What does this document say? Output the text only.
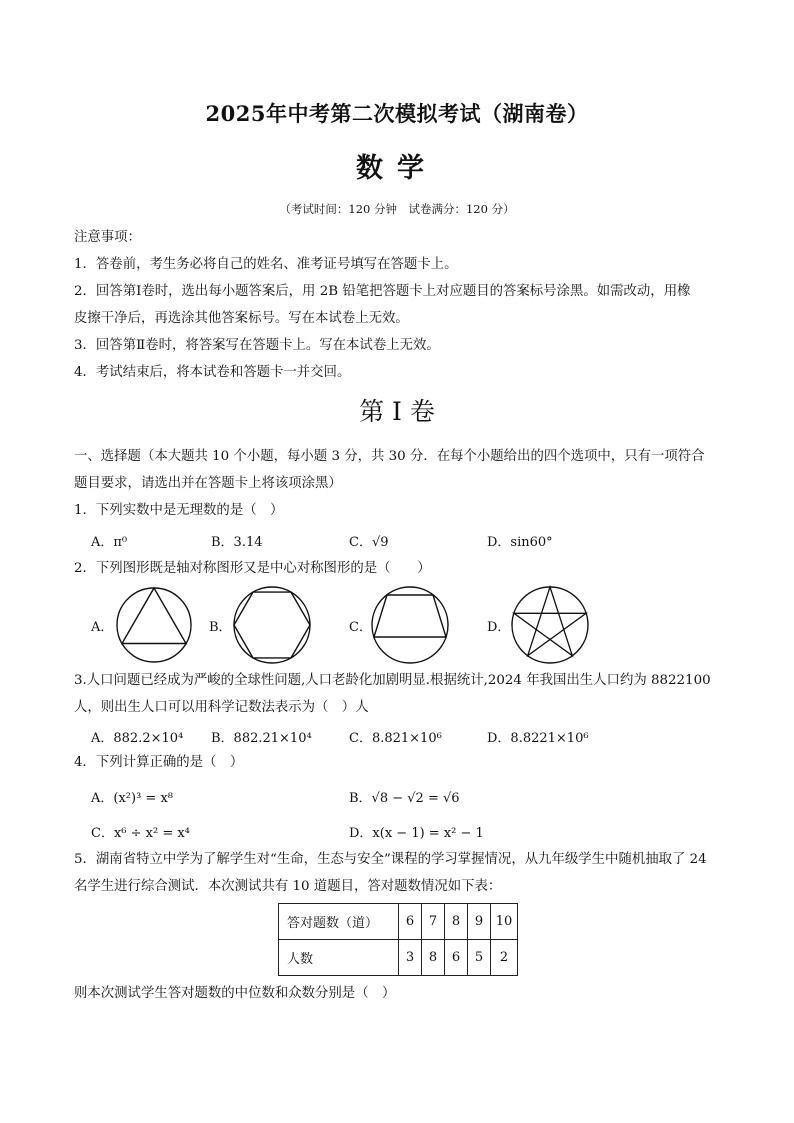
2025年中考第二次模拟考试（湖南卷）
数学
（考试时间：120 分钟　试卷满分：120 分）
注意事项：
1．答卷前，考生务必将自己的姓名、准考证号填写在答题卡上。
2．回答第Ⅰ卷时，选出每小题答案后，用 2B 铅笔把答题卡上对应题目的答案标号涂黑。如需改动，用橡
皮擦干净后，再选涂其他答案标号。写在本试卷上无效。
3．回答第Ⅱ卷时，将答案写在答题卡上。写在本试卷上无效。
4．考试结束后，将本试卷和答题卡一并交回。
第 I 卷
一、选择题（本大题共 10 个小题，每小题 3 分，共 30 分．在每个小题给出的四个选项中，只有一项符合
题目要求，请选出并在答题卡上将该项涂黑）
1．下列实数中是无理数的是（　）
A．π⁰	B．3.14	C．√9	D．sin60°
2．下列图形既是轴对称图形又是中心对称图形的是（　　）
A．	B．	C．	D．
3.人口问题已经成为严峻的全球性问题,人口老龄化加剧明显.根据统计,2024 年我国出生人口约为 8822100
人，则出生人口可以用科学记数法表示为（　）人
A．882.2×10⁴ B．882.21×10⁴	C．8.821×10⁶	D．8.8221×10⁶
4．下列计算正确的是（　）
A．(x²)³ = x⁸	B．√8 − √2 = √6
C．x⁶ ÷ x² = x⁴	D．x(x − 1) = x² − 1
5．湖南省特立中学为了解学生对“生命，生态与安全”课程的学习掌握情况，从九年级学生中随机抽取了 24
名学生进行综合测试．本次测试共有 10 道题目，答对题数情况如下表：
答对题数（道）	6	7	8	9	10
人数	3	8	6	5	2
则本次测试学生答对题数的中位数和众数分别是（　）
